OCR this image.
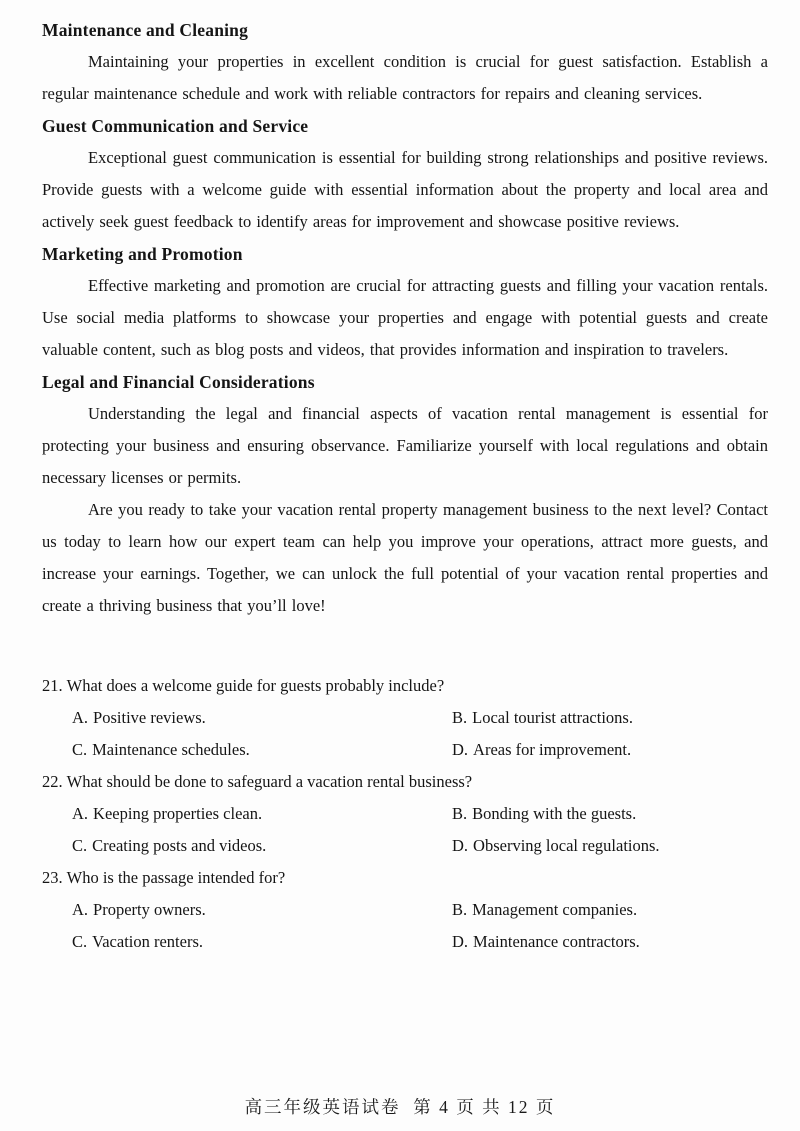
Maintenance and Cleaning

Maintaining your properties in excellent condition is crucial for guest satisfaction. Establish a regular maintenance schedule and work with reliable contractors for repairs and cleaning services.

Guest Communication and Service

Exceptional guest communication is essential for building strong relationships and positive reviews. Provide guests with a welcome guide with essential information about the property and local area and actively seek guest feedback to identify areas for improvement and showcase positive reviews.

Marketing and Promotion

Effective marketing and promotion are crucial for attracting guests and filling your vacation rentals. Use social media platforms to showcase your properties and engage with potential guests and create valuable content, such as blog posts and videos, that provides information and inspiration to travelers.

Legal and Financial Considerations

Understanding the legal and financial aspects of vacation rental management is essential for protecting your business and ensuring observance. Familiarize yourself with local regulations and obtain necessary licenses or permits.

Are you ready to take your vacation rental property management business to the next level? Contact us today to learn how our expert team can help you improve your operations, attract more guests, and increase your earnings. Together, we can unlock the full potential of your vacation rental properties and create a thriving business that you’ll love!

21. What does a welcome guide for guests probably include?
A. Positive reviews.	B. Local tourist attractions.
C. Maintenance schedules.	D. Areas for improvement.
22. What should be done to safeguard a vacation rental business?
A. Keeping properties clean.	B. Bonding with the guests.
C. Creating posts and videos.	D. Observing local regulations.
23. Who is the passage intended for?
A. Property owners.	B. Management companies.
C. Vacation renters.	D. Maintenance contractors.
高三年级英语试卷  第 4 页 共 12 页
